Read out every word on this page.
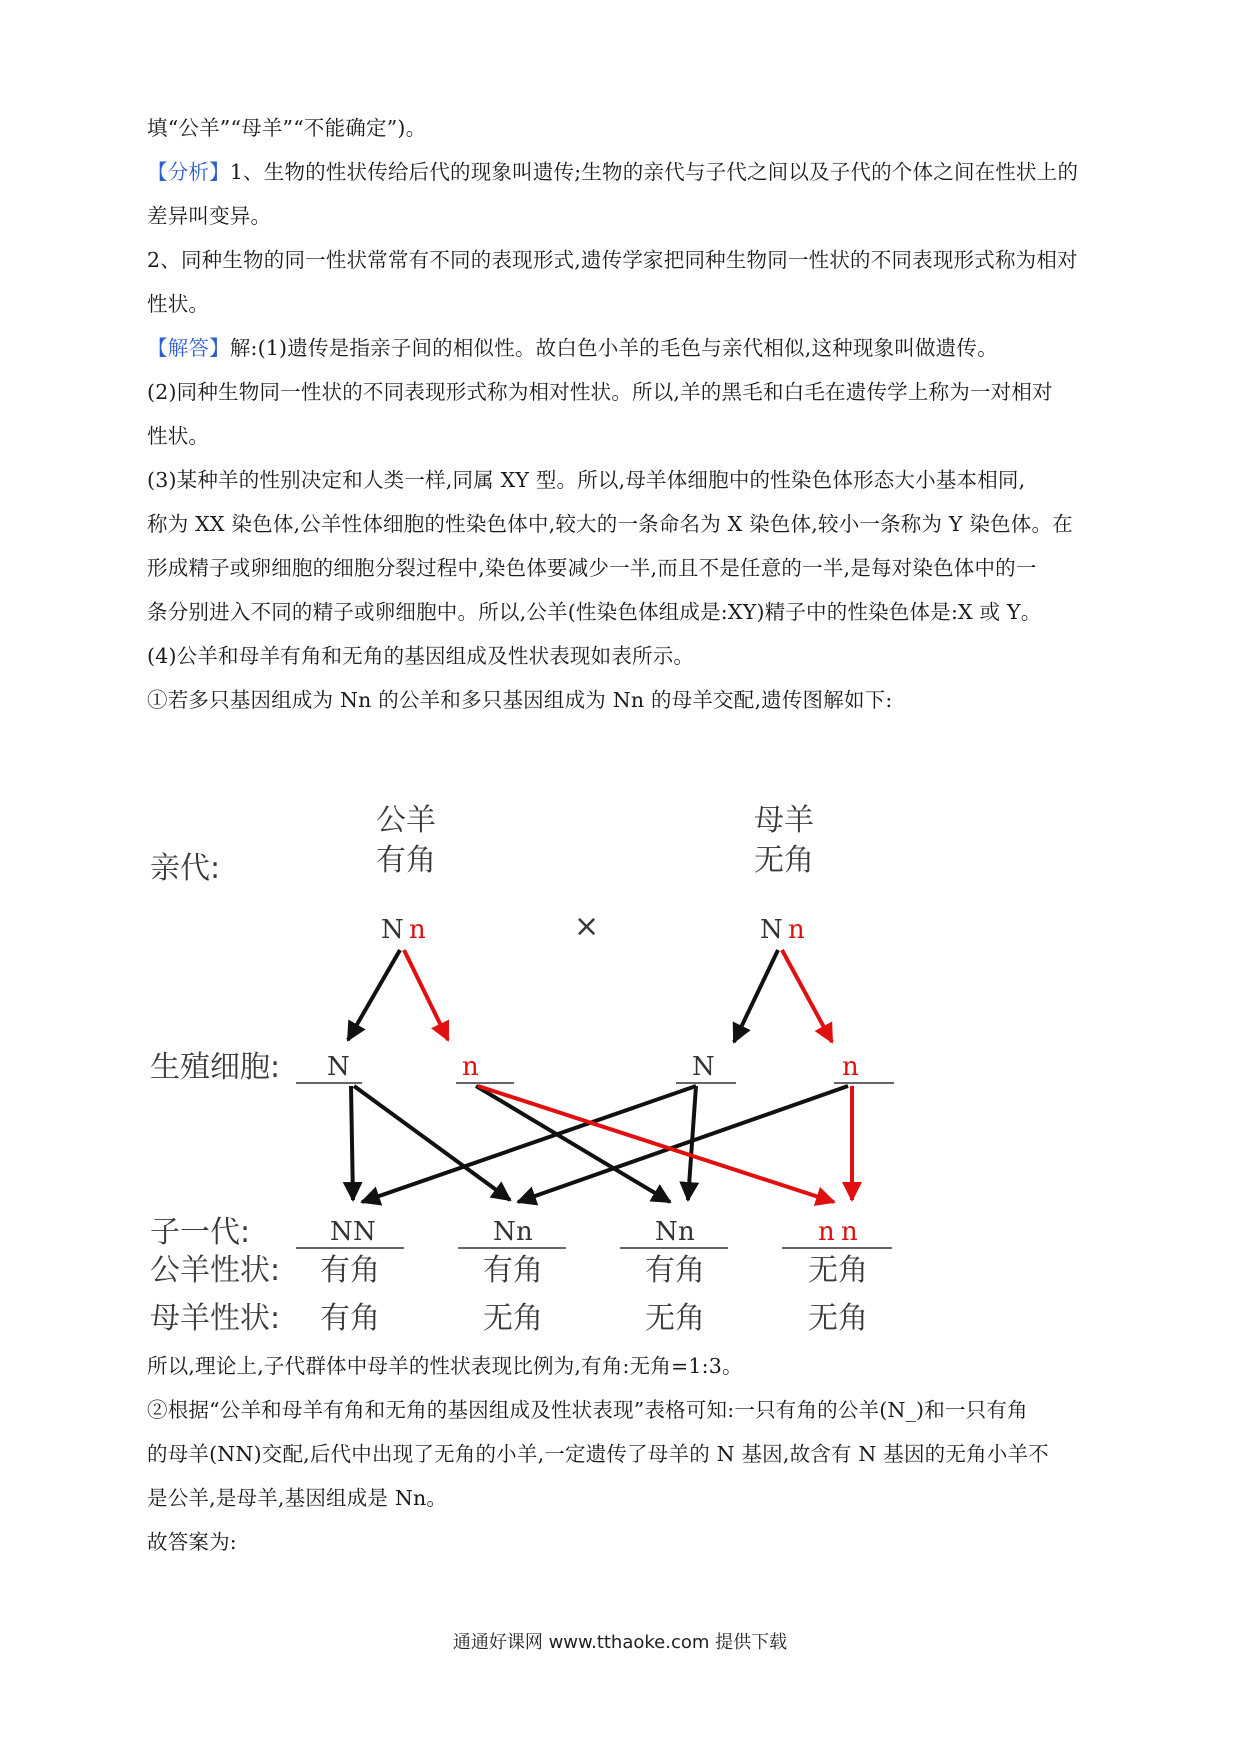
填“公羊”“母羊”“不能确定”)。
【分析】1、生物的性状传给后代的现象叫遗传;生物的亲代与子代之间以及子代的个体之间在性状上的
差异叫变异。
2、同种生物的同一性状常常有不同的表现形式,遗传学家把同种生物同一性状的不同表现形式称为相对
性状。
【解答】解:(1)遗传是指亲子间的相似性。故白色小羊的毛色与亲代相似,这种现象叫做遗传。
(2)同种生物同一性状的不同表现形式称为相对性状。所以,羊的黑毛和白毛在遗传学上称为一对相对
性状。
(3)某种羊的性别决定和人类一样,同属 XY 型。所以,母羊体细胞中的性染色体形态大小基本相同,
称为 XX 染色体,公羊性体细胞的性染色体中,较大的一条命名为 X 染色体,较小一条称为 Y 染色体。在
形成精子或卵细胞的细胞分裂过程中,染色体要减少一半,而且不是任意的一半,是每对染色体中的一
条分别进入不同的精子或卵细胞中。所以,公羊(性染色体组成是:XY)精子中的性染色体是:X 或 Y。
(4)公羊和母羊有角和无角的基因组成及性状表现如表所示。
①若多只基因组成为 Nn 的公羊和多只基因组成为 Nn 的母羊交配,遗传图解如下:
公羊
有角
母羊
无角
亲代:
N n	×	N n
生殖细胞: N	n	N	n
子一代:	N N	N n	N n	n n
公羊性状: 有角	有角	有角	无角
母羊性状: 有角	无角	无角	无角
所以,理论上,子代群体中母羊的性状表现比例为,有角:无角=1:3。
②根据“公羊和母羊有角和无角的基因组成及性状表现”表格可知:一只有角的公羊(N_)和一只有角
的母羊(NN)交配,后代中出现了无角的小羊,一定遗传了母羊的 N 基因,故含有 N 基因的无角小羊不
是公羊,是母羊,基因组成是 Nn。
故答案为:
通通好课网 www.tthaoke.com 提供下载
